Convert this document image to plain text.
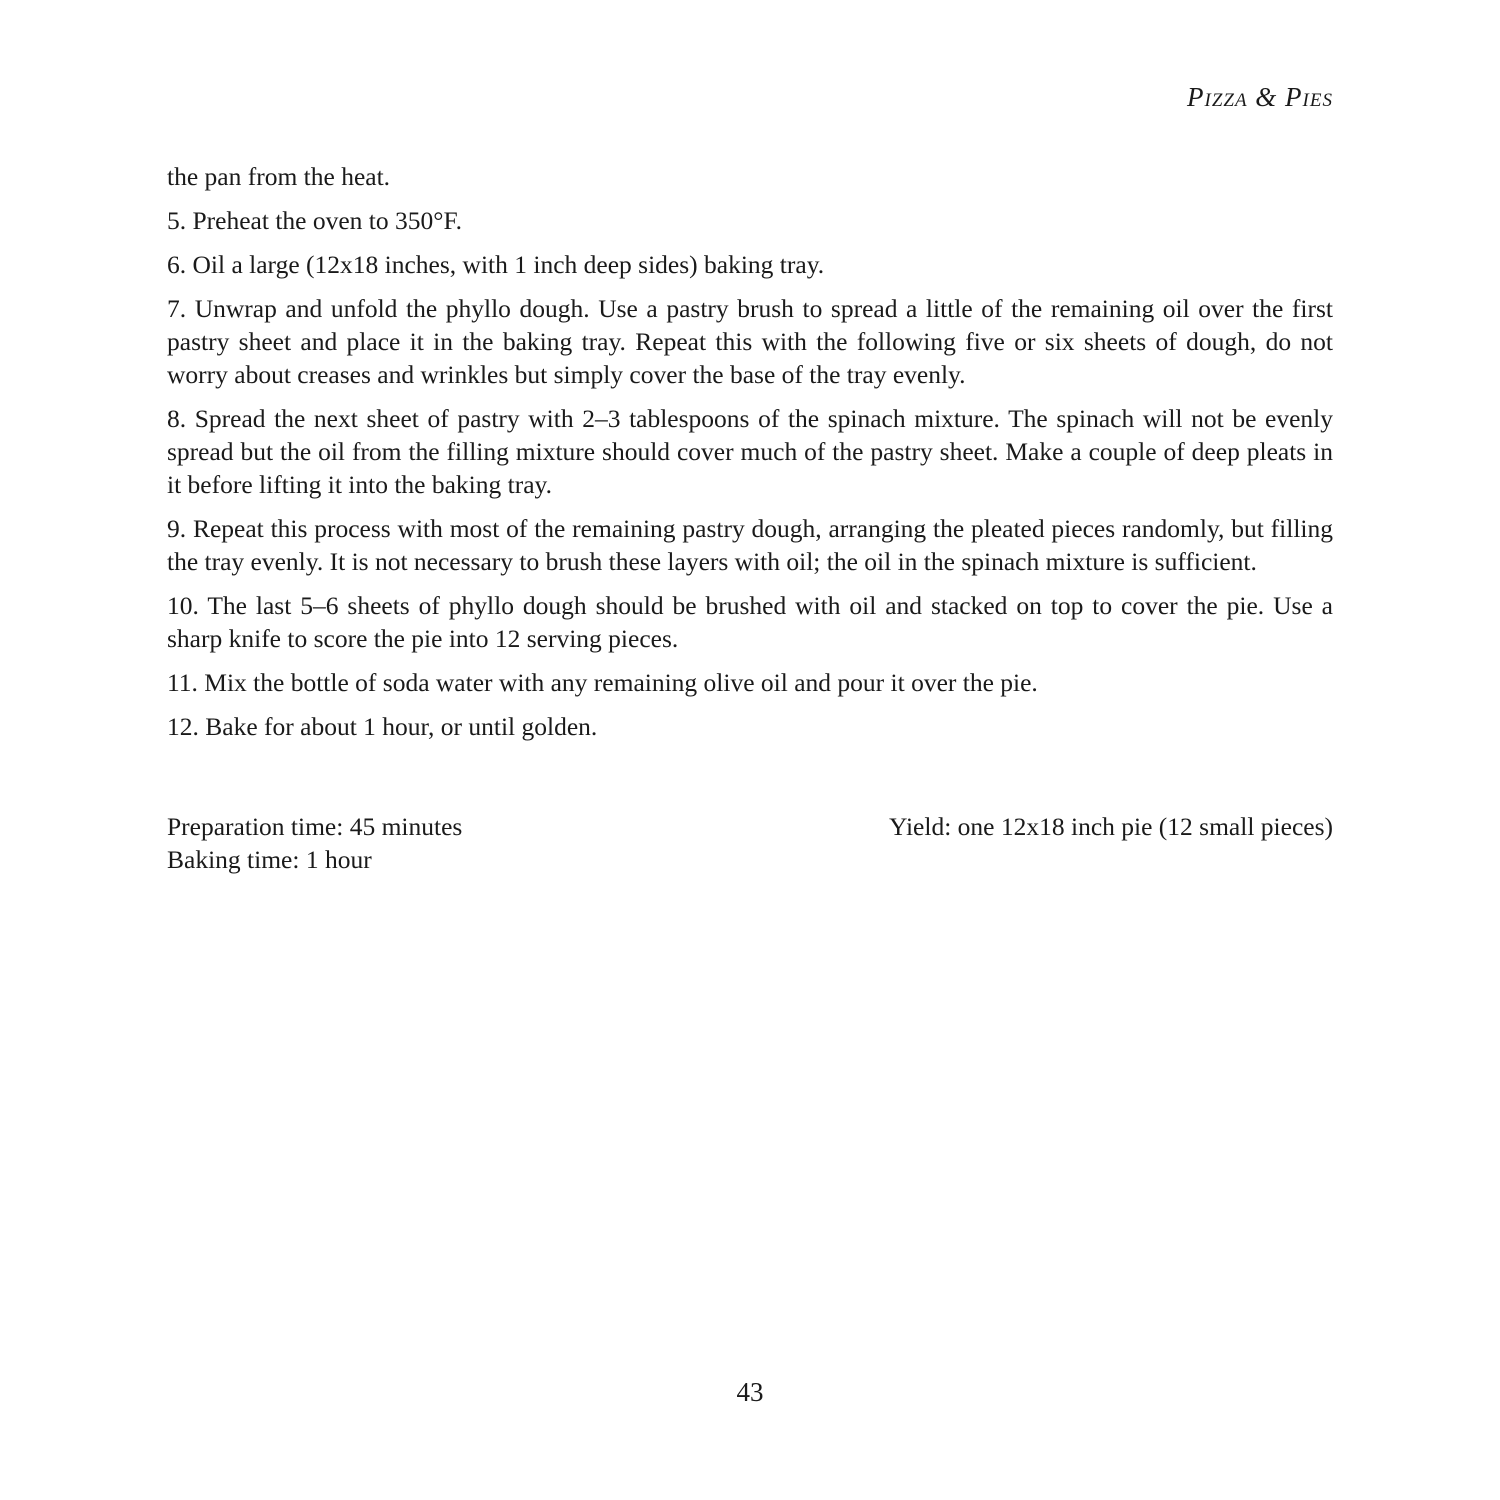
Pizza & Pies

the pan from the heat.

5. Preheat the oven to 350°F.

6. Oil a large (12x18 inches, with 1 inch deep sides) baking tray.

7. Unwrap and unfold the phyllo dough. Use a pastry brush to spread a little of the remaining oil over the first pastry sheet and place it in the baking tray. Repeat this with the following five or six sheets of dough, do not worry about creases and wrinkles but simply cover the base of the tray evenly.

8. Spread the next sheet of pastry with 2–3 tablespoons of the spinach mixture. The spinach will not be evenly spread but the oil from the filling mixture should cover much of the pastry sheet. Make a couple of deep pleats in it before lifting it into the baking tray.

9. Repeat this process with most of the remaining pastry dough, arranging the pleated pieces randomly, but filling the tray evenly. It is not necessary to brush these layers with oil; the oil in the spinach mixture is sufficient.

10. The last 5–6 sheets of phyllo dough should be brushed with oil and stacked on top to cover the pie. Use a sharp knife to score the pie into 12 serving pieces.

11. Mix the bottle of soda water with any remaining olive oil and pour it over the pie.

12. Bake for about 1 hour, or until golden.

Preparation time: 45 minutes
Baking time: 1 hour
Yield: one 12x18 inch pie (12 small pieces)
43
